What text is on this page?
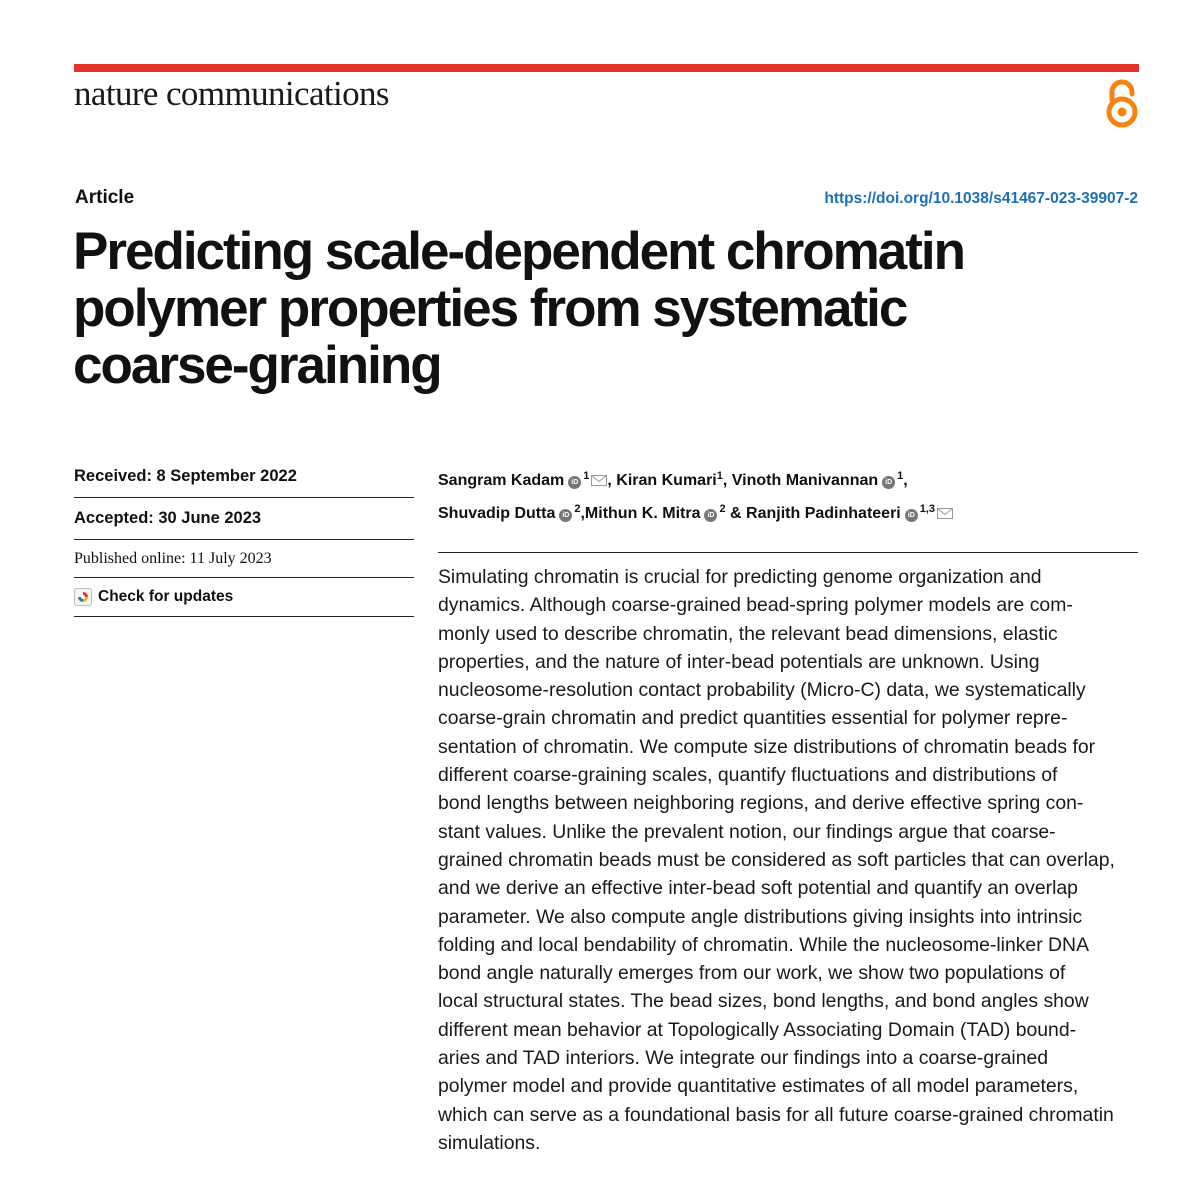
nature communications
Article	https://doi.org/10.1038/s41467-023-39907-2
Predicting scale-dependent chromatin
polymer properties from systematic
coarse-graining
Received: 8 September 2022
Accepted: 30 June 2023
Published online: 11 July 2023
Check for updates

Sangram Kadam iD$^1$ , Kiran Kumari$^1$, Vinoth Manivannan iD$^1$, Shuvadip Dutta iD$^2$,Mithun K. Mitra iD$^2$ & Ranjith Padinhateeri iD$^{1,3}$

Simulating chromatin is crucial for predicting genome organization and
dynamics. Although coarse-grained bead-spring polymer models are com-
monly used to describe chromatin, the relevant bead dimensions, elastic
properties, and the nature of inter-bead potentials are unknown. Using
nucleosome-resolution contact probability (Micro-C) data, we systematically
coarse-grain chromatin and predict quantities essential for polymer repre-
sentation of chromatin. We compute size distributions of chromatin beads for
different coarse-graining scales, quantify fluctuations and distributions of
bond lengths between neighboring regions, and derive effective spring con-
stant values. Unlike the prevalent notion, our findings argue that coarse-
grained chromatin beads must be considered as soft particles that can overlap,
and we derive an effective inter-bead soft potential and quantify an overlap
parameter. We also compute angle distributions giving insights into intrinsic
folding and local bendability of chromatin. While the nucleosome-linker DNA
bond angle naturally emerges from our work, we show two populations of
local structural states. The bead sizes, bond lengths, and bond angles show
different mean behavior at Topologically Associating Domain (TAD) bound-
aries and TAD interiors. We integrate our findings into a coarse-grained
polymer model and provide quantitative estimates of all model parameters,
which can serve as a foundational basis for all future coarse-grained chromatin
simulations.
